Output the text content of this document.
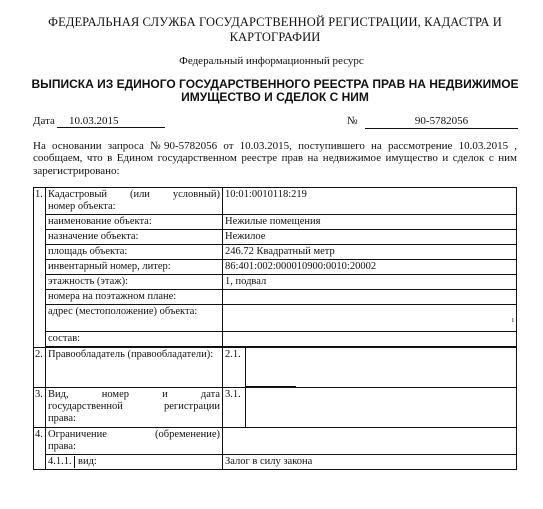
ФЕДЕРАЛЬНАЯ СЛУЖБА ГОСУДАРСТВЕННОЙ РЕГИСТРАЦИИ, КАДАСТРА И КАРТОГРАФИИ
Федеральный информационный ресурс
ВЫПИСКА ИЗ ЕДИНОГО ГОСУДАРСТВЕННОГО РЕЕСТРА ПРАВ НА НЕДВИЖИМОЕ ИМУЩЕСТВО И СДЕЛОК С НИМ
Дата	10.03.2015	№	90-5782056
На основании запроса №90-5782056 от 10.03.2015, поступившего на рассмотрение 10.03.2015 , сообщаем, что в Едином государственном реестре прав на недвижимое имущество и сделок с ним зарегистрировано:
1.	Кадастровый (или условный)
номер объекта:	10:01:0010118:219
	наименование объекта:	Нежилые помещения
	назначение объекта:	Нежилое
	площадь объекта:	246.72 Квадратный метр
	инвентарный номер, литер:	86:401:002:000010900:0010:20002
	этажность (этаж):	1, подвал
	номера на поэтажном плане:	
	адрес (местоположение) объекта:	ı

	состав:	

2.	Правообладатель (правообладатели):	2.1.

3.	Вид, номер и дата
государственной регистрации
права:	3.1.

4.	Ограничение (обременение)
права:	

	4.1.1. вид:	Залог в силу закона
